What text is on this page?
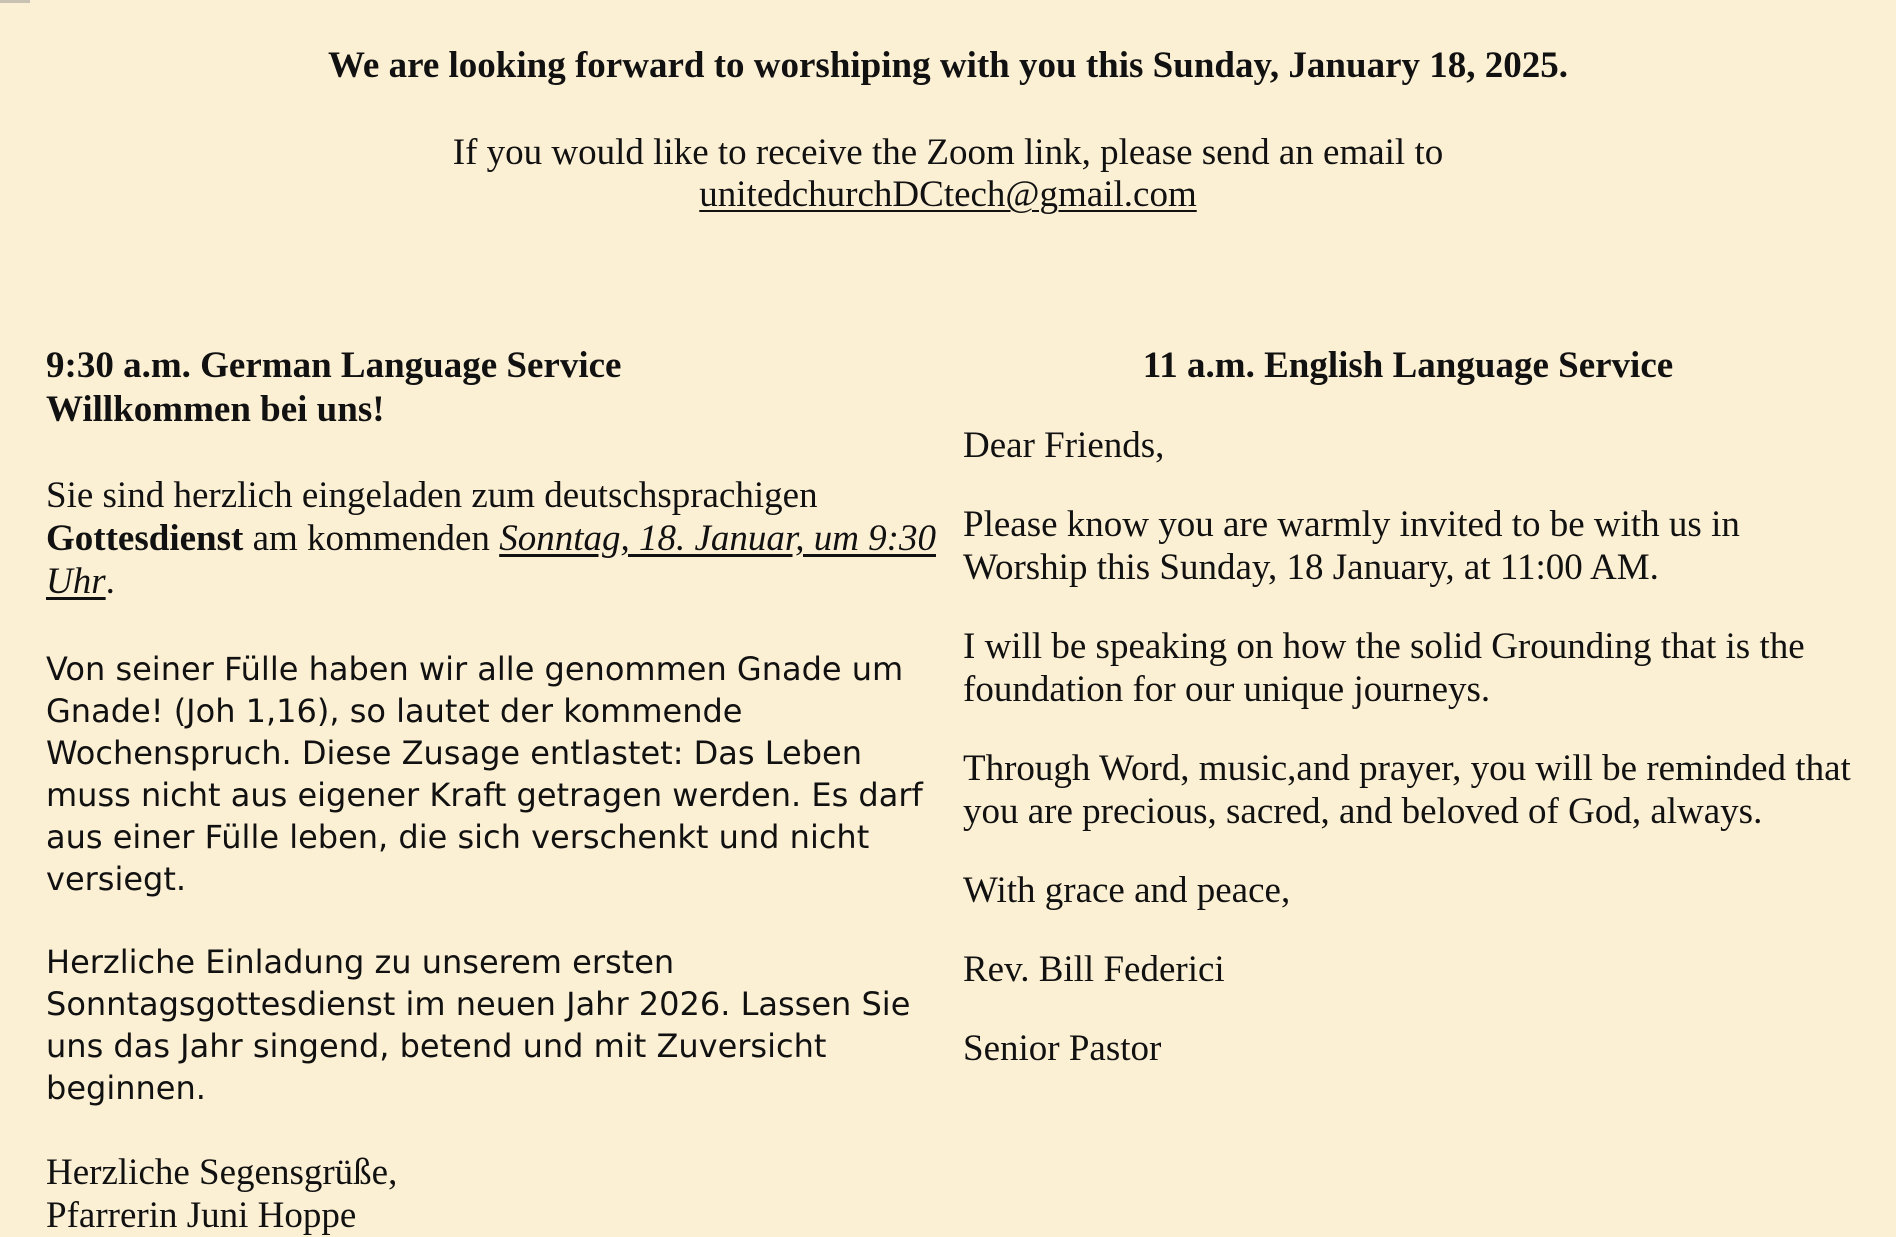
We are looking forward to worshiping with you this Sunday, January 18, 2025.
If you would like to receive the Zoom link, please send an email to
unitedchurchDCtech@gmail.com

9:30 a.m. German Language Service

Willkommen bei uns!

Sie sind herzlich eingeladen zum deutschsprachigen Gottesdienst am kommenden Sonntag, 18. Januar, um 9:30 Uhr.

Von seiner Fülle haben wir alle genommen Gnade um Gnade! (Joh 1,16), so lautet der kommende Wochenspruch. Diese Zusage entlastet: Das Leben muss nicht aus eigener Kraft getragen werden. Es darf aus einer Fülle leben, die sich verschenkt und nicht versiegt.

Herzliche Einladung zu unserem ersten Sonntagsgottesdienst im neuen Jahr 2026. Lassen Sie uns das Jahr singend, betend und mit Zuversicht beginnen.

Herzliche Segensgrüße,

Pfarrerin Juni Hoppe

11 a.m. English Language Service

Dear Friends,

Please know you are warmly invited to be with us in Worship this Sunday, 18 January, at 11:00 AM.

I will be speaking on how the solid Grounding that is the foundation for our unique journeys.

Through Word, music,and prayer, you will be reminded that you are precious, sacred, and beloved of God, always.

With grace and peace,

Rev. Bill Federici

Senior Pastor
